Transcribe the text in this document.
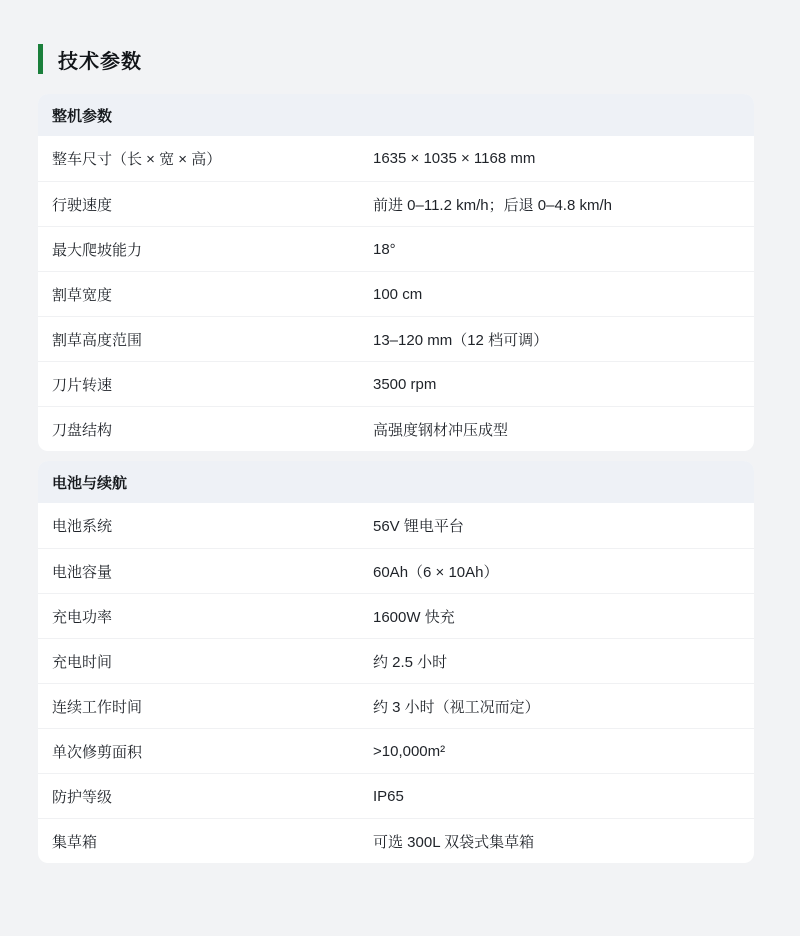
技术参数
整机参数
整车尺寸（长 × 宽 × 高）	1635 × 1035 × 1168 mm
行驶速度	前进 0–11.2 km/h；后退 0–4.8 km/h
最大爬坡能力	18°
割草宽度	100 cm
割草高度范围	13–120 mm（12 档可调）
刀片转速	3500 rpm
刀盘结构	高强度钢材冲压成型
电池与续航
电池系统	56V 锂电平台
电池容量	60Ah（6 × 10Ah）
充电功率	1600W 快充
充电时间	约 2.5 小时
连续工作时间	约 3 小时（视工况而定）
单次修剪面积	>10,000m²
防护等级	IP65
集草箱	可选 300L 双袋式集草箱
